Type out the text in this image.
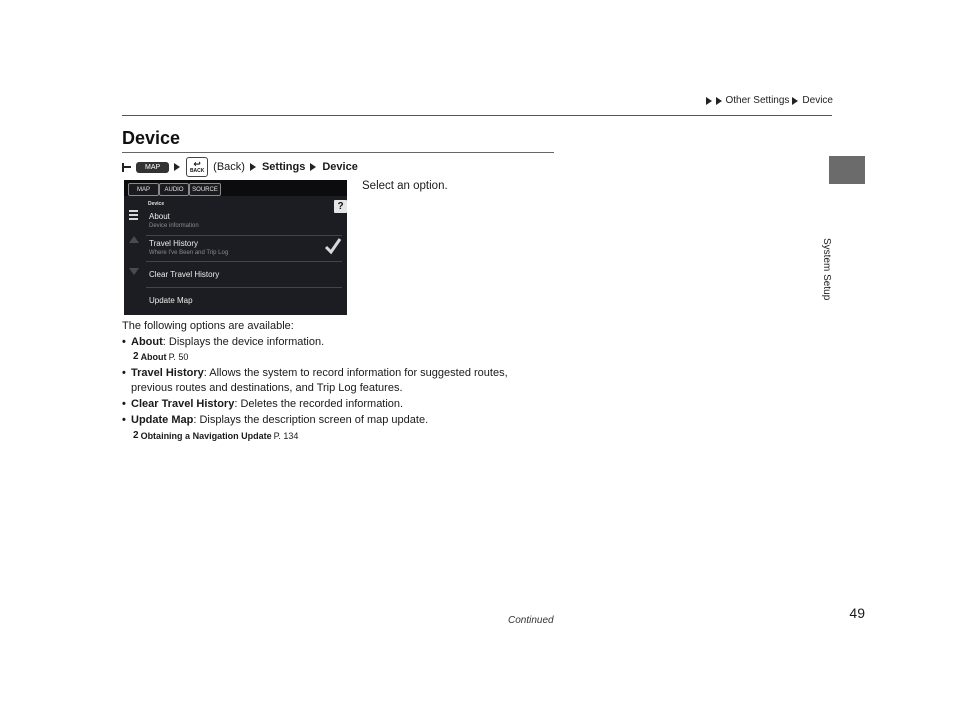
Other Settings Device
System Setup
Device
MAP	↩
BACK (Back) Settings Device
MAP	AUDIO	SOURCE
Device	?
About
Device information
Travel History
Where I've Been and Trip Log
Clear Travel History
Update Map
Select an option.
The following options are available:
• About: Displays the device information.
2 About P. 50
• Travel History: Allows the system to record information for suggested routes,
previous routes and destinations, and Trip Log features.
• Clear Travel History: Deletes the recorded information.
• Update Map: Displays the description screen of map update.
2 Obtaining a Navigation Update P. 134
Continued	49
